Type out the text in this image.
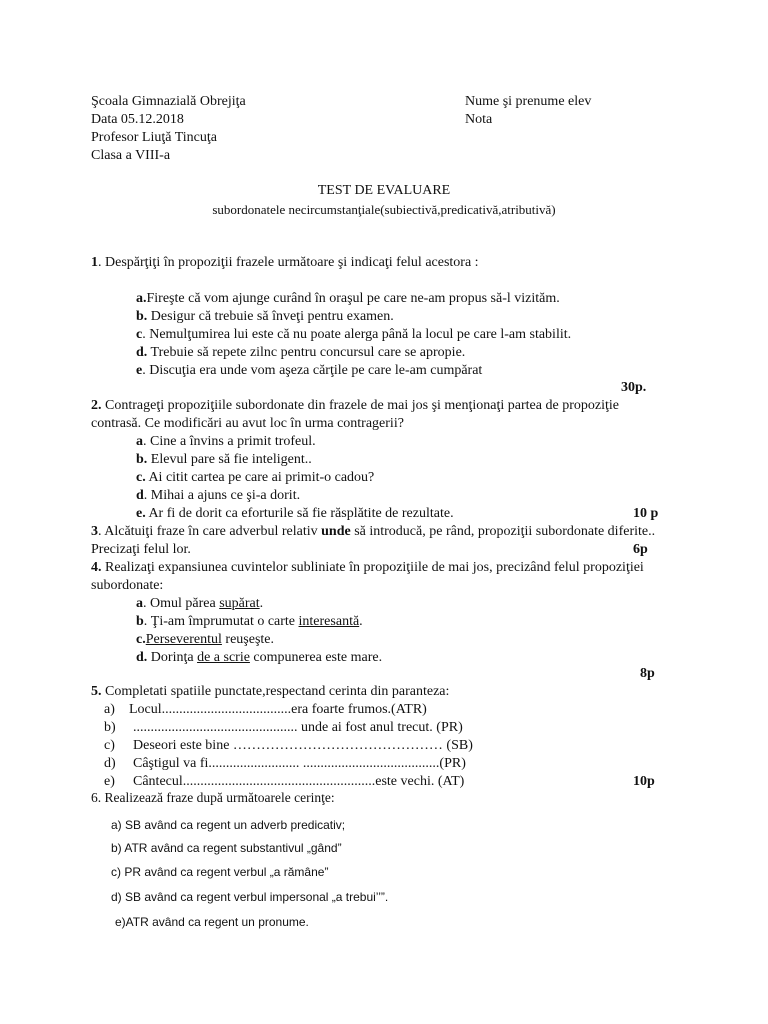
Şcoala Gimnazială Obrejiţa
Data 05.12.2018
Profesor Liuţă Tincuţa
Clasa a VIII-a
Nume şi prenume elev
Nota
TEST DE EVALUARE
subordonatele necircumstanţiale(subiectivă,predicativă,atributivă)
1. Despărţiţi în propoziţii frazele următoare şi indicaţi felul acestora :
a.Fireşte că vom ajunge curând în oraşul pe care ne-am propus să-l vizităm.
b. Desigur că trebuie să înveţi pentru examen.
c. Nemulţumirea lui este că nu poate alerga până la locul pe care l-am stabilit.
d. Trebuie să repete zilnc pentru concursul care se apropie.
e. Discuţia era unde vom aşeza cărţile pe care le-am cumpărat
30p.
2. Contrageţi propoziţiile subordonate din frazele de mai jos şi menţionaţi partea de propoziţie
contrasă. Ce modificări au avut loc în urma contragerii?
a. Cine a învins a primit trofeul.
b. Elevul pare să fie inteligent..
c. Ai citit cartea pe care ai primit-o cadou?
d. Mihai a ajuns ce şi-a dorit.
e. Ar fi de dorit ca eforturile să fie răsplătite de rezultate.	10 p
3. Alcătuiţi fraze în care adverbul relativ unde să introducă, pe rând, propoziţii subordonate diferite..
Precizaţi felul lor.	6p
4. Realizaţi expansiunea cuvintelor subliniate în propoziţiile de mai jos, precizând felul propoziţiei
subordonate:
a. Omul părea supărat.
b. Ţi-am împrumutat o carte interesantă.
c.Perseverentul reuşeşte.
d. Dorinţa de a scrie compunerea este mare.
8p
5. Completati spatiile punctate,respectand cerinta din paranteza:
a) Locul.....................................era foarte frumos.(ATR)
b) ............................................... unde ai fost anul trecut. (PR)
c) Deseori este bine ……………………………………… (SB)
d) Câştigul va fi.......................... .......................................(PR)
e) Cântecul.......................................................este vechi. (AT)	10p
6. Realizează fraze după următoarele cerinţe:
a) SB având ca regent un adverb predicativ;
b) ATR având ca regent substantivul „gând”
c) PR având ca regent verbul „a rămâne”
d) SB având ca regent verbul impersonal „a trebui’’”.
e)ATR având ca regent un pronume.
